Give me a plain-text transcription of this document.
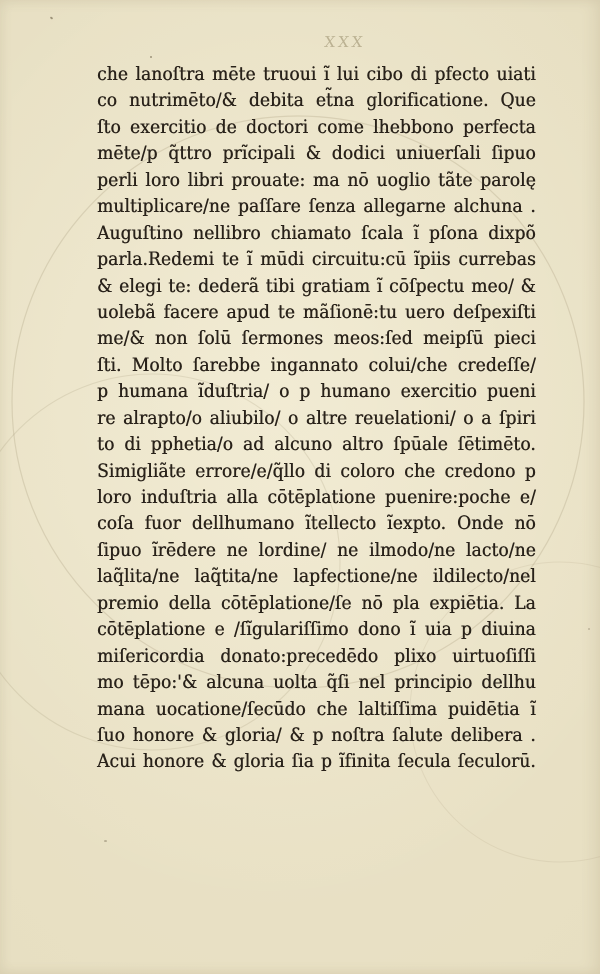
XXX
che lanoſtra mēte truoui ĩ lui cibo di pfecto uiati
co nutrimēto/& debita et̃na glorificatione. Que
ſto exercitio de doctori come lhebbono perfecta
mēte/p q̃ttro prĩcipali & dodici uniuerſali ſipuo
perli loro libri prouate: ma nō uoglio tãte parolę
multiplicare/ne paſſare ſenza allegarne alchuna .
Auguſtino nellibro chiamato ſcala ĩ pſona dixpõ
parla.Redemi te ĩ mūdi circuitu:cū ĩpiis currebas
& elegi te: dederã tibi gratiam ĩ cōſpectu meo/ &
uolebã facere apud te mãſionē:tu uero deſpexiſti
me/& non ſolū ſermones meos:ſed meipſū pieci
ſti. Molto ſarebbe ingannato colui/che credeſſe/
p humana ĩduſtria/ o p humano exercitio pueni
re alrapto/o aliubilo/ o altre reuelationi/ o a ſpiri
to di pphetia/o ad alcuno altro ſpūale ſētimēto.
Simigliãte errore/e/q̃llo di coloro che credono p
loro induſtria alla cōtēplatione puenire:poche e/
coſa fuor dellhumano ĩtellecto ĩexpto. Onde nō
ſipuo ĩrēdere ne lordine/ ne ilmodo/ne lacto/ne
laq̃lita/ne laq̃tita/ne lapfectione/ne ildilecto/nel
premio della cōtēplatione/ſe nō pla expiētia. La
cōtēplatione e /ſĩgulariſſimo dono ĩ uia p diuina
miſericordia donato:precedēdo plixo uirtuoſiſſi
mo tēpo:'& alcuna uolta q̃ſi nel principio dellhu
mana uocatione/ſecūdo che laltiſſima puidētia ĩ
ſuo honore & gloria/ & p noſtra ſalute delibera .
Acui honore & gloria ſia p ĩfinita ſecula ſeculorū.
